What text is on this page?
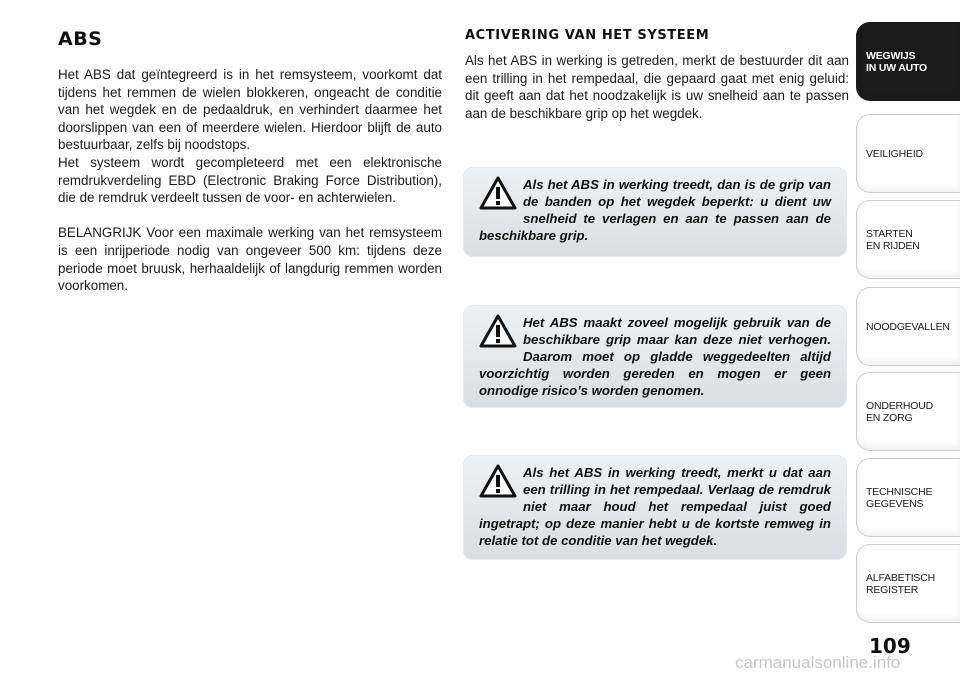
ABS

Het ABS dat geïntegreerd is in het remsysteem, voorkomt dat tijdens het remmen de wielen blokkeren, ongeacht de conditie van het wegdek en de pedaaldruk, en verhindert daarmee het doorslippen van een of meerdere wielen. Hierdoor blijft de auto bestuurbaar, zelfs bij noodstops.

Het systeem wordt gecompleteerd met een elektronische remdrukverdeling EBD (Electronic Braking Force Distribution), die de remdruk verdeelt tussen de voor- en achterwielen.

BELANGRIJK Voor een maximale werking van het remsysteem is een inrijperiode nodig van ongeveer 500 km: tijdens deze periode moet bruusk, herhaaldelijk of langdurig remmen worden voorkomen.

ACTIVERING VAN HET SYSTEEM

Als het ABS in werking is getreden, merkt de bestuurder dit aan een trilling in het rempedaal, die gepaard gaat met enig geluid: dit geeft aan dat het noodzakelijk is uw snelheid aan te passen aan de beschikbare grip op het wegdek.

Als het ABS in werking treedt, dan is de grip van de banden op het wegdek beperkt: u dient uw snelheid te verlagen en aan te passen aan de beschikbare grip.
Het ABS maakt zoveel mogelijk gebruik van de beschikbare grip maar kan deze niet verhogen. Daarom moet op gladde weggedeelten altijd voorzichtig worden gereden en mogen er geen onnodige risico’s worden genomen.
Als het ABS in werking treedt, merkt u dat aan een trilling in het rempedaal. Verlaag de remdruk niet maar houd het rempedaal juist goed ingetrapt; op deze manier hebt u de kortste remweg in relatie tot de conditie van het wegdek.
WEGWIJS
IN UW AUTO
VEILIGHEID
STARTEN
EN RIJDEN
NOODGEVALLEN
ONDERHOUD
EN ZORG
TECHNISCHE
GEGEVENS
ALFABETISCH
REGISTER
109
carmanualsonline.info
